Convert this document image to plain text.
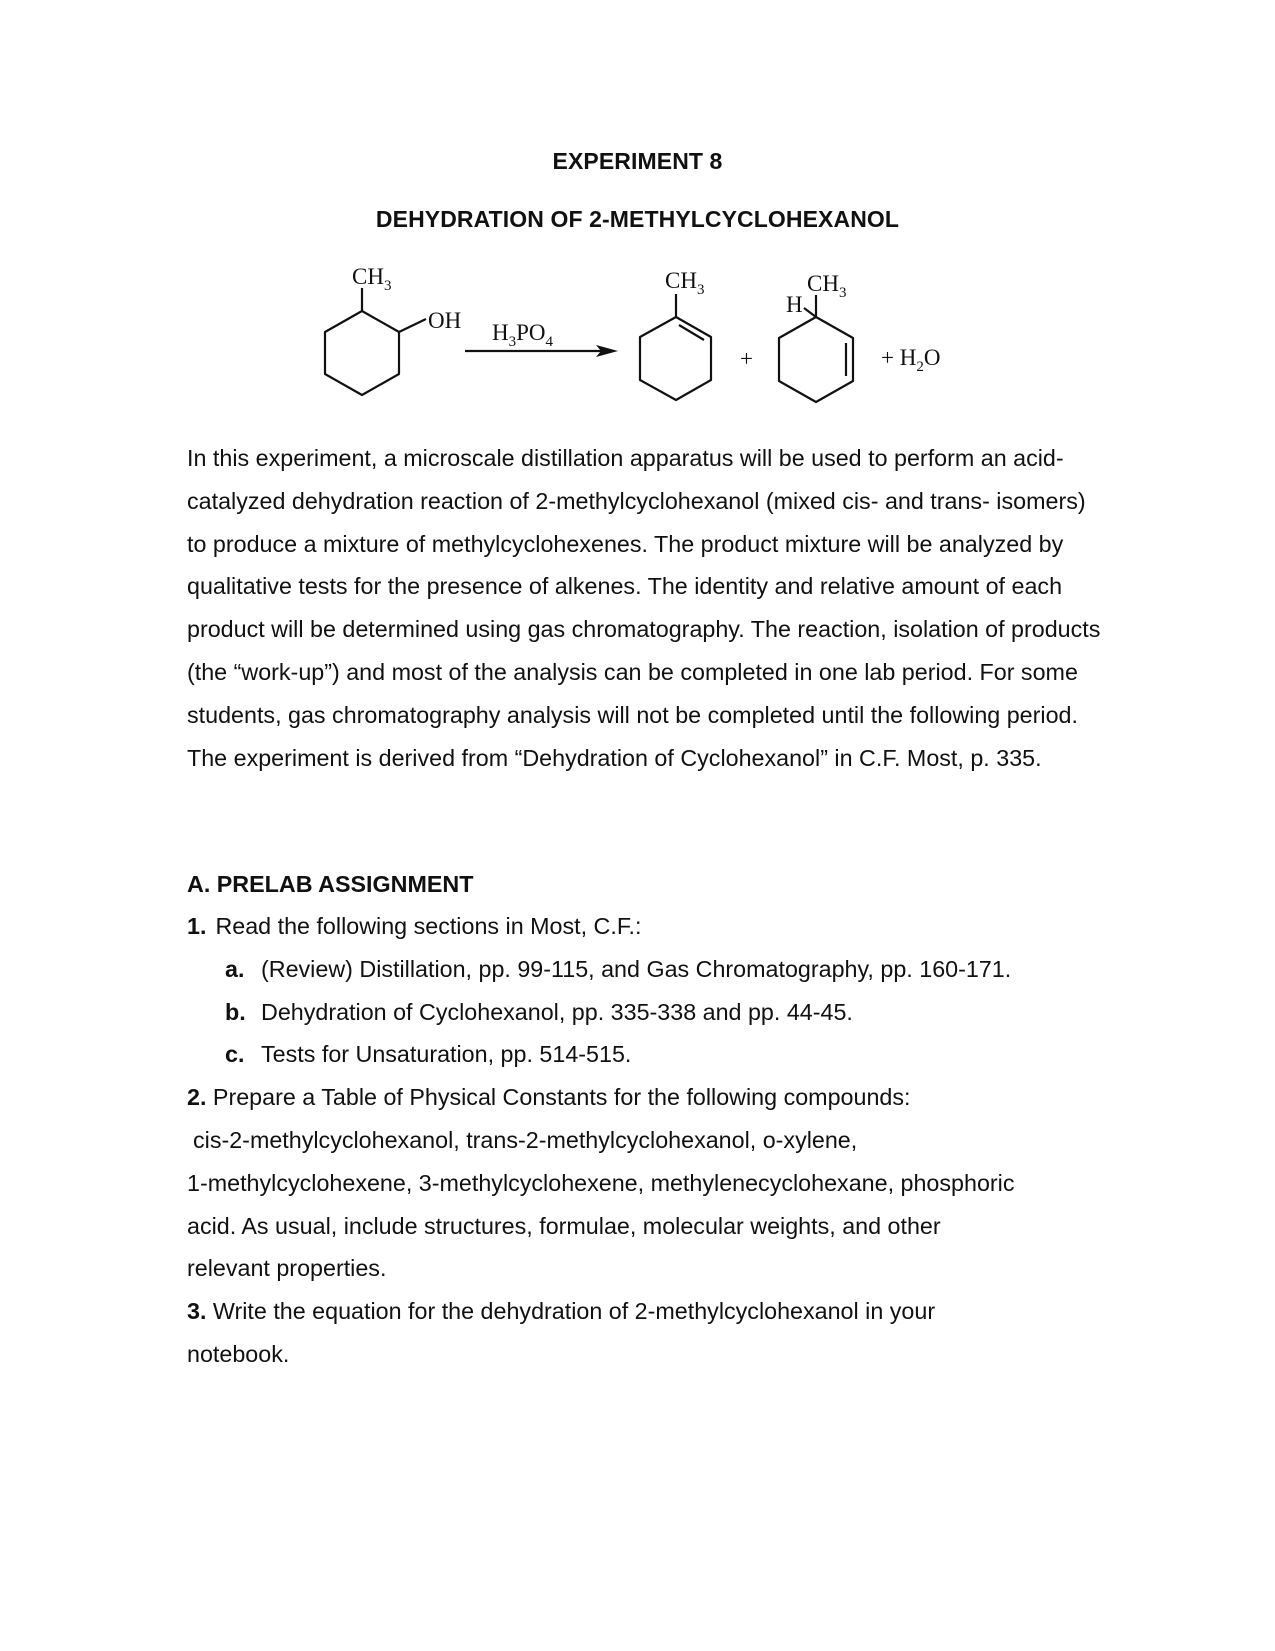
EXPERIMENT 8
DEHYDRATION OF 2-METHYLCYCLOHEXANOL
$CH_3$
OH $H_3PO_4$
$CH_3$
+
$CH_3$
H
+ $H_2O$

In this experiment, a microscale distillation apparatus will be used to perform an acid-catalyzed dehydration reaction of 2-methylcyclohexanol (mixed cis- and trans- isomers) to produce a mixture of methylcyclohexenes. The product mixture will be analyzed by qualitative tests for the presence of alkenes. The identity and relative amount of each product will be determined using gas chromatography. The reaction, isolation of products (the “work-up”) and most of the analysis can be completed in one lab period. For some students, gas chromatography analysis will not be completed until the following period. The experiment is derived from “Dehydration of Cyclohexanol” in C.F. Most, p. 335.

A. PRELAB ASSIGNMENT
1. Read the following sections in Most, C.F.:
a. (Review) Distillation, pp. 99-115, and Gas Chromatography, pp. 160-171.
b. Dehydration of Cyclohexanol, pp. 335-338 and pp. 44-45.
c. Tests for Unsaturation, pp. 514-515.
2. Prepare a Table of Physical Constants for the following compounds:
cis-2-methylcyclohexanol, trans-2-methylcyclohexanol, o-xylene,
1-methylcyclohexene, 3-methylcyclohexene, methylenecyclohexane, phosphoric
acid. As usual, include structures, formulae, molecular weights, and other
relevant properties.
3. Write the equation for the dehydration of 2-methylcyclohexanol in your
notebook.
